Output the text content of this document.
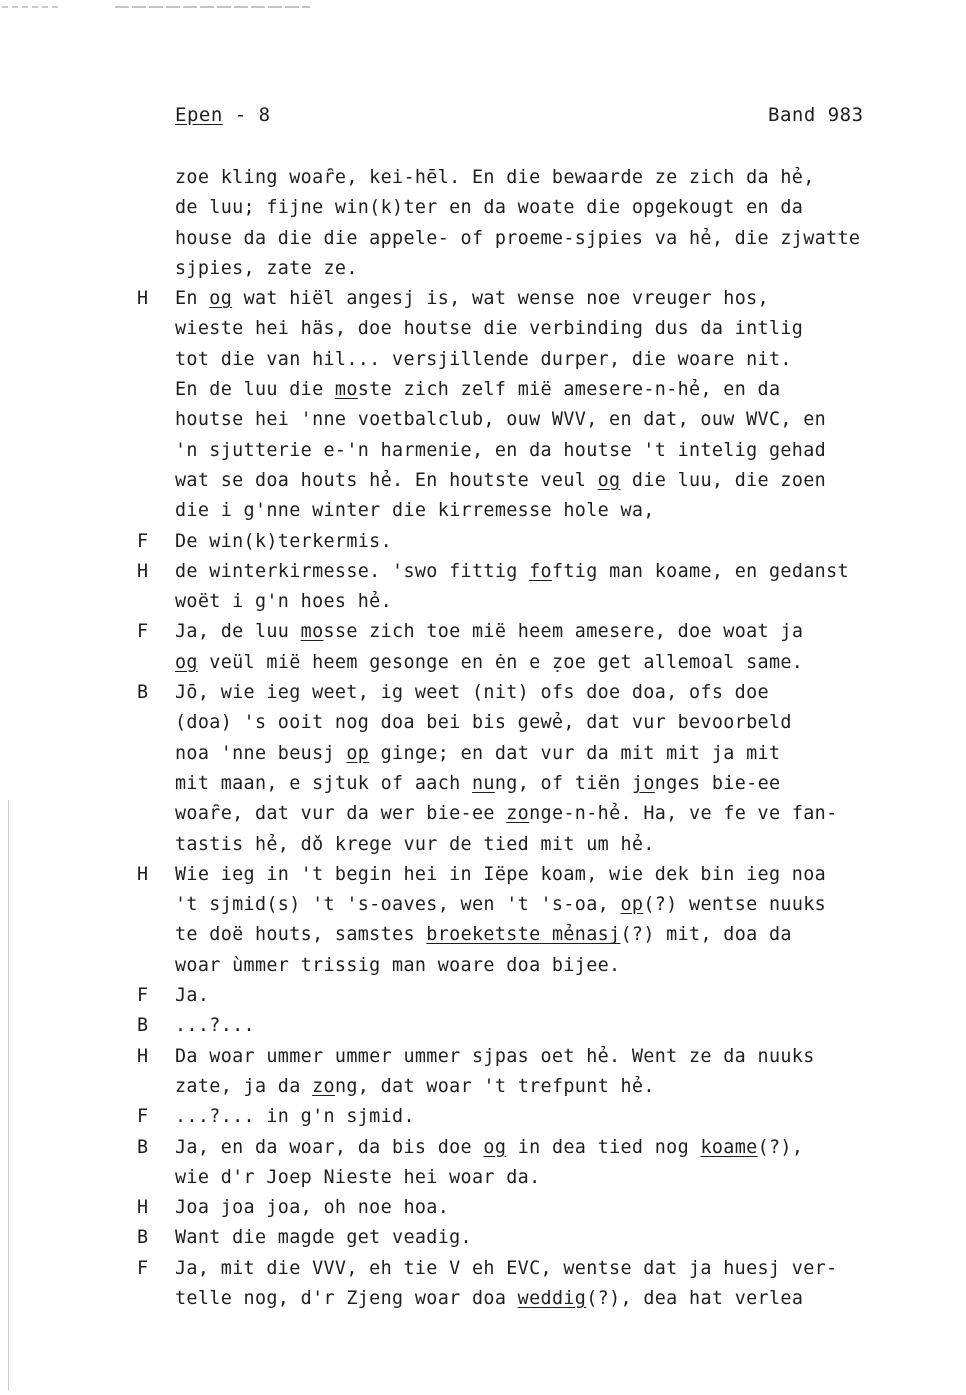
Epen - 8	Band 983
zoe kling woaȓe, kei-hēl. En die bewaarde ze zich da hẻ,
de luu; fijne win(k)ter en da woate die opgekougt en da
house da die die appele- of proeme-sjpies va hẻ, die zjwatte
sjpies, zate ze.
H	En og wat hiël angesj is, wat wense noe vreuger hos,
wieste hei häs, doe houtse die verbinding dus da intlig
tot die van hil... versjillende durper, die woare nit.
En de luu die moste zich zelf mië amesere-n-hẻ, en da
houtse hei 'nne voetbalclub, ouw WVV, en dat, ouw WVC, en
'n sjutterie e-'n harmenie, en da houtse 't intelig gehad
wat se doa houts hẻ. En houtste veul og die luu, die zoen
die i g'nne winter die kirremesse hole wa,
F	De win(k)terkermis.
H	de winterkirmesse. 'swo fittig foftig man koame, en gedanst
woët i g'n hoes hẻ.
F	Ja, de luu mosse zich toe mië heem amesere, doe woat ja
og veül mië heem gesonge en ėn e ẓoe get allemoal same.
B	Jō, wie ieg weet, ig weet (nit) ofs doe doa, ofs doe
(doa) 's ooit nog doa bei bis gewẻ, dat vur bevoorbeld
noa 'nne beusj op ginge; en dat vur da mit mit ja mit
mit maan, e sjtuk of aach nung, of tiën jonges bie-ee
woaȓe, dat vur da wer bie-ee zonge-n-hẻ. Ha, ve fe ve fan-
tastis hẻ, dǒ krege vur de tied mit um hẻ.
H	Wie ieg in 't begin hei in Iëpe koam, wie dek bin ieg noa
't sjmid(s) 't 's-oaves, wen 't 's-oa, op(?) wentse nuuks
te doë houts, samstes broeketste mẻnasj(?) mit, doa da
woar ùmmer trissig man woare doa bijee.
F	Ja.
B	...?...
H	Da woar ummer ummer ummer sjpas oet hẻ. Went ze da nuuks
zate, ja da zong, dat woar 't trefpunt hẻ.
F	...?... in g'n sjmid.
B	Ja, en da woar, da bis doe og in dea tied nog koame(?),
wie d'r Joep Nieste hei woar da.
H	Joa joa joa, oh noe hoa.
B	Want die magde get veadig.
F	Ja, mit die VVV, eh tie V eh EVC, wentse dat ja huesj ver-
telle nog, d'r Zjeng woar doa weddig(?), dea hat verlea
